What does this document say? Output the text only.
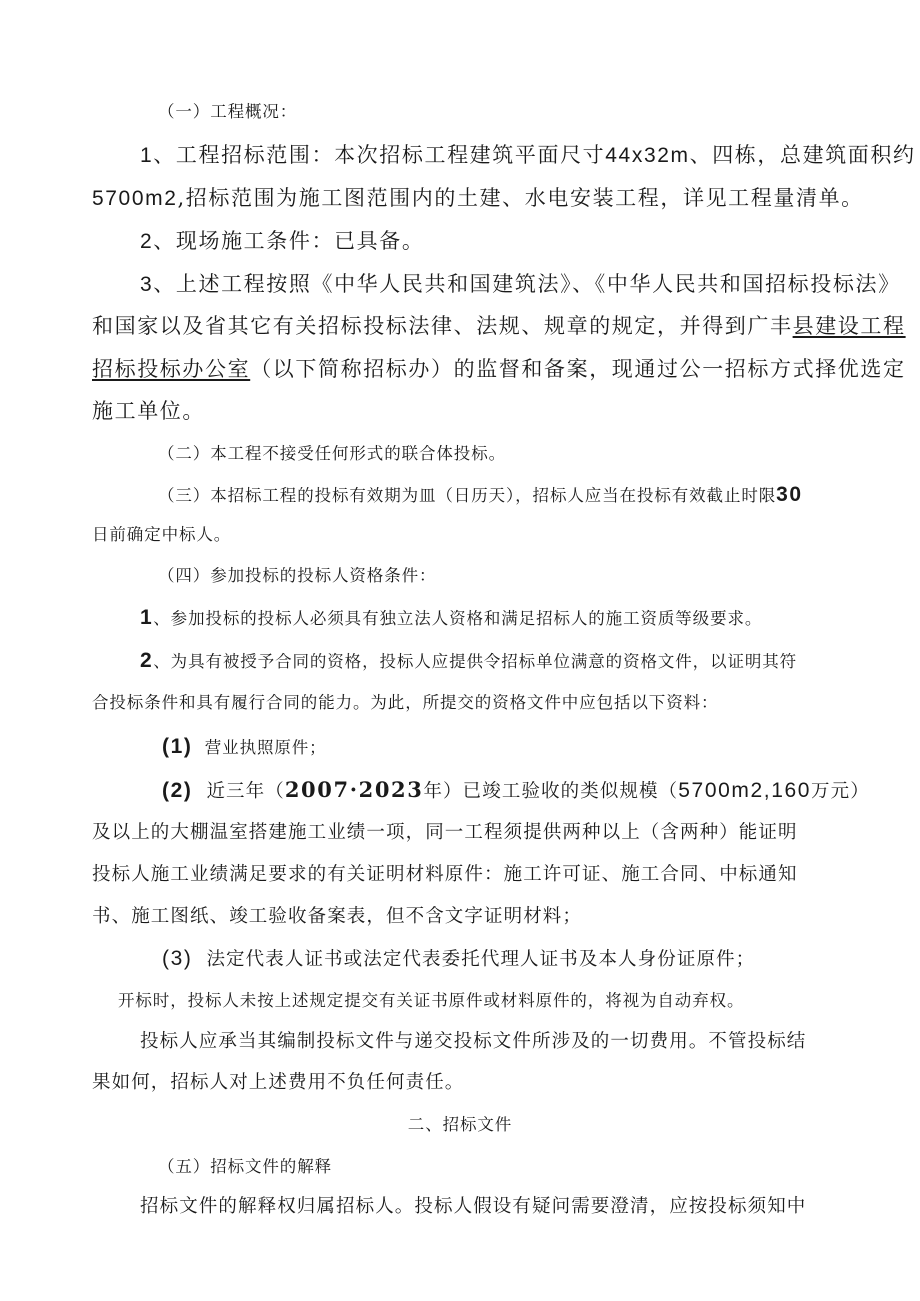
（一）工程概况：
1、工程招标范围：本次招标工程建筑平面尺寸44x32m、四栋，总建筑面积约
5700m2,招标范围为施工图范围内的土建、水电安装工程，详见工程量清单。
2、现场施工条件：已具备。
3、上述工程按照《中华人民共和国建筑法》、《中华人民共和国招标投标法》
和国家以及省其它有关招标投标法律、法规、规章的规定，并得到广丰县建设工程
招标投标办公室（以下简称招标办）的监督和备案，现通过公一招标方式择优选定
施工单位。
（二）本工程不接受任何形式的联合体投标。
（三）本招标工程的投标有效期为皿（日历天），招标人应当在投标有效截止时限30
日前确定中标人。
（四）参加投标的投标人资格条件：
1、参加投标的投标人必须具有独立法人资格和满足招标人的施工资质等级要求。
2、为具有被授予合同的资格，投标人应提供令招标单位满意的资格文件，以证明其符
合投标条件和具有履行合同的能力。为此，所提交的资格文件中应包括以下资料：
(1) 营业执照原件；
(2) 近三年（2007·2023年）已竣工验收的类似规模（5700m2,160万元）
及以上的大棚温室搭建施工业绩一项，同一工程须提供两种以上（含两种）能证明
投标人施工业绩满足要求的有关证明材料原件：施工许可证、施工合同、中标通知
书、施工图纸、竣工验收备案表，但不含文字证明材料；
(3) 法定代表人证书或法定代表委托代理人证书及本人身份证原件；
开标时，投标人未按上述规定提交有关证书原件或材料原件的，将视为自动弃权。
投标人应承当其编制投标文件与递交投标文件所涉及的一切费用。不管投标结
果如何，招标人对上述费用不负任何责任。
二、招标文件
（五）招标文件的解释
招标文件的解释权归属招标人。投标人假设有疑问需要澄清，应按投标须知中
